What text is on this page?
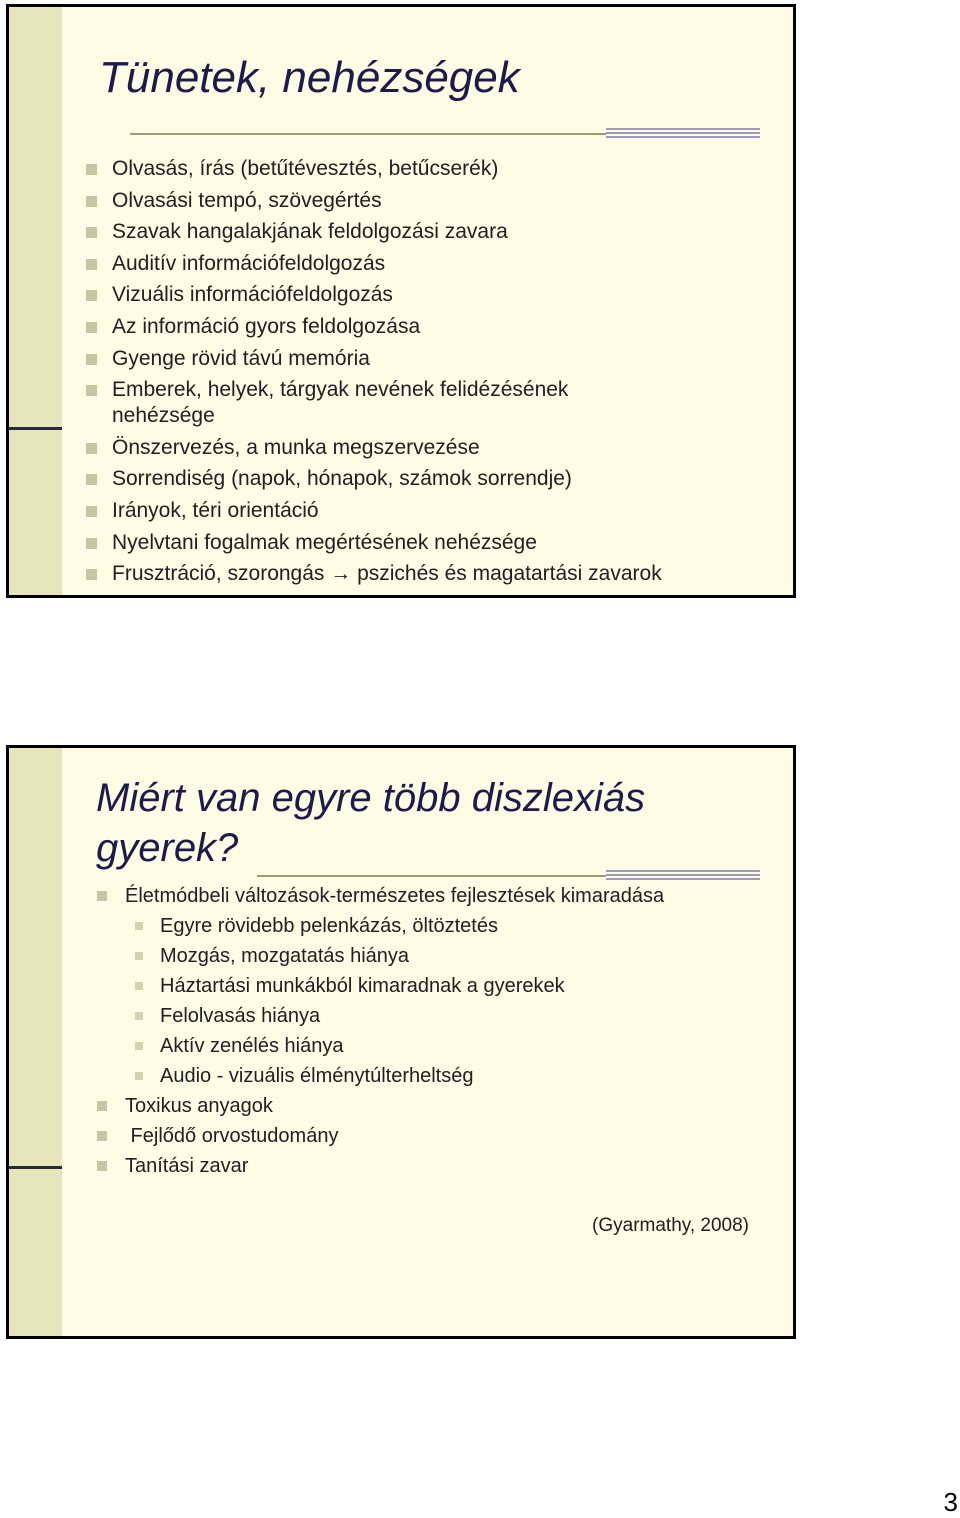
Tünetek, nehézségek
Olvasás, írás (betűtévesztés, betűcserék)
Olvasási tempó, szövegértés
Szavak hangalakjának feldolgozási zavara
Auditív információfeldolgozás
Vizuális információfeldolgozás
Az információ gyors feldolgozása
Gyenge rövid távú memória
Emberek, helyek, tárgyak nevének felidézésének nehézsége
Önszervezés, a munka megszervezése
Sorrendiség (napok, hónapok, számok sorrendje)
Irányok, téri orientáció
Nyelvtani fogalmak megértésének nehézsége
Frusztráció, szorongás → pszichés és magatartási zavarok
Miért van egyre több diszlexiás gyerek?
Életmódbeli változások-természetes fejlesztések kimaradása
Egyre rövidebb pelenkázás, öltöztetés
Mozgás, mozgatatás hiánya
Háztartási munkákból kimaradnak a gyerekek
Felolvasás hiánya
Aktív zenélés hiánya
Audio - vizuális élménytúlterheltség
Toxikus anyagok
Fejlődő orvostudomány
Tanítási zavar
(Gyarmathy, 2008)
3
